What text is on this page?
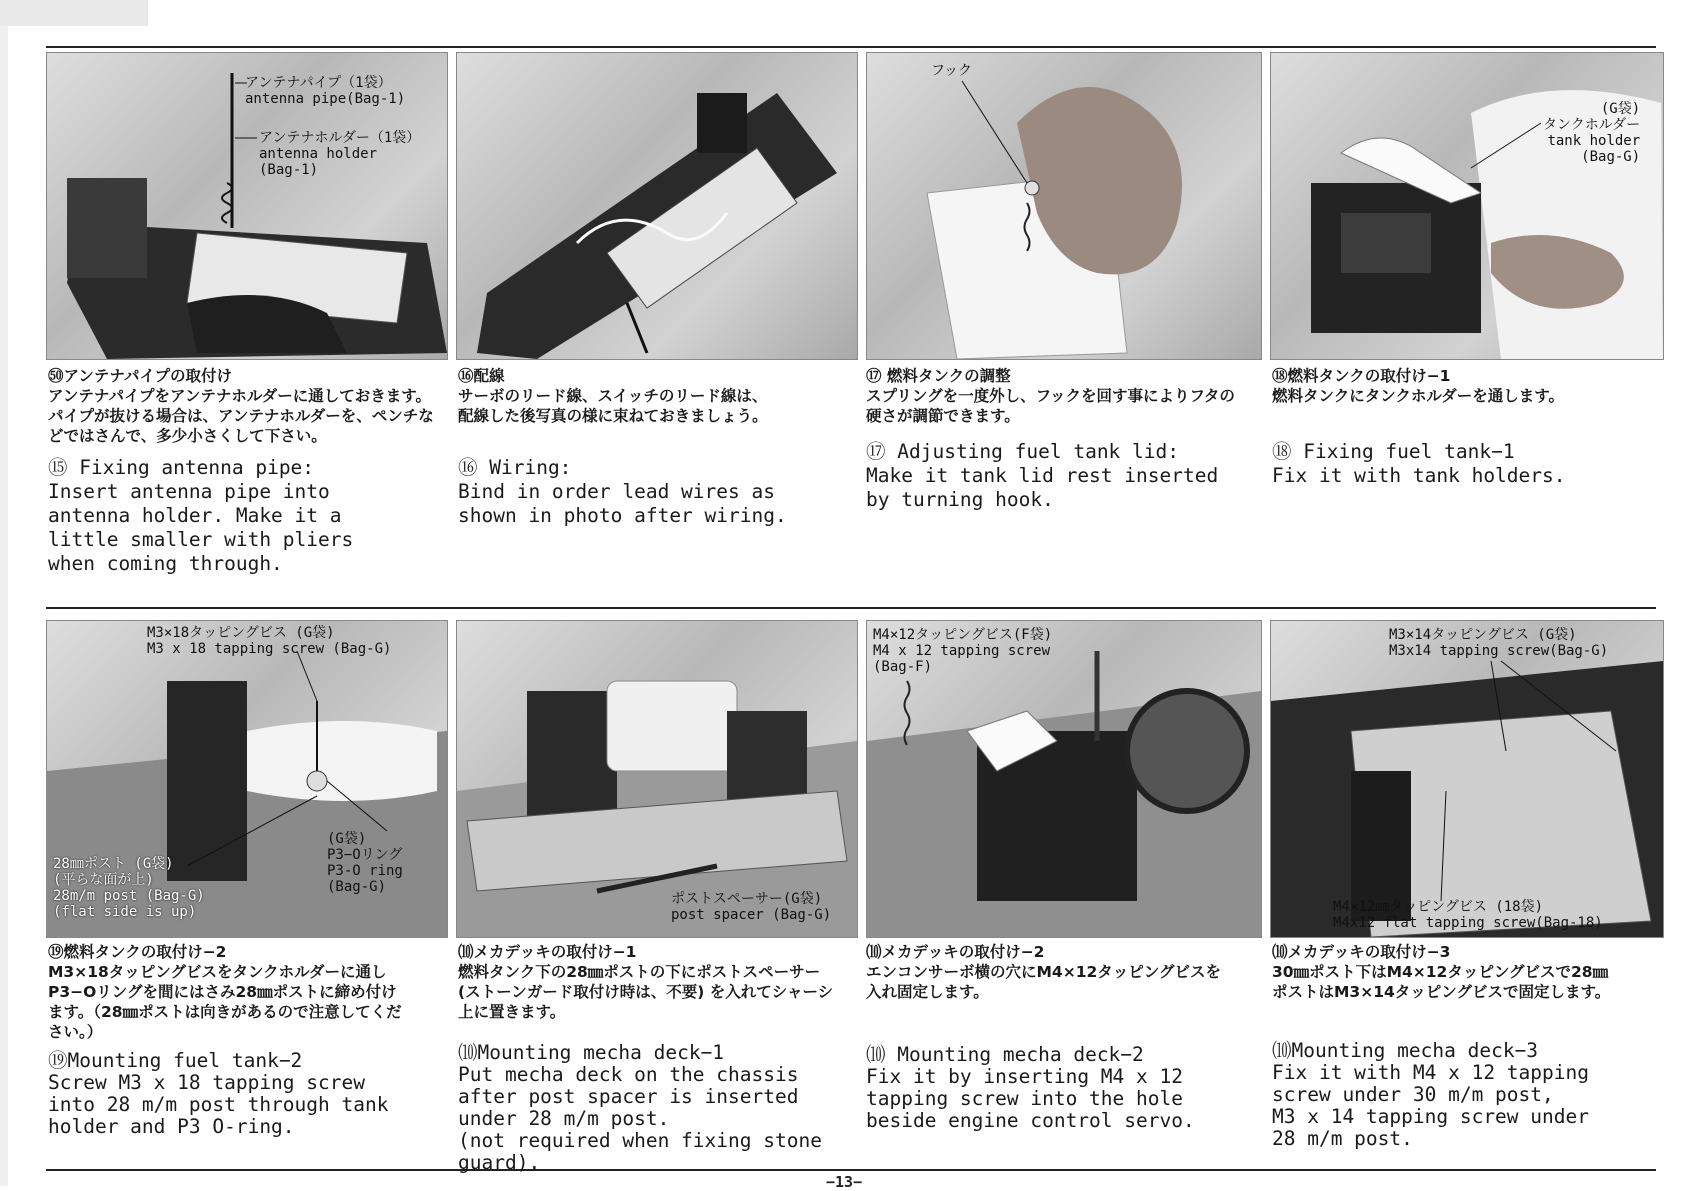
アンテナパイプ（1袋）
antenna pipe(Bag-1)
アンテナホルダー（1袋）
antenna holder
(Bag-1)
フック
(G袋)
タンクホルダー
tank holder
(Bag-G)

㊿アンテナパイプの取付け
アンテナパイプをアンテナホルダーに通しておきます。
パイプが抜ける場合は、アンテナホルダーを、ペンチな
どではさんで、多少小さくして下さい。

⑮ Fixing antenna pipe:
Insert antenna pipe into
antenna holder. Make it a
little smaller with pliers
when coming through.

⑯配線
サーボのリード線、スイッチのリード線は、
配線した後写真の様に束ねておきましょう。

⑯ Wiring:
Bind in order lead wires as
shown in photo after wiring.

⑰ 燃料タンクの調整
スプリングを一度外し、フックを回す事によりフタの
硬さが調節できます。

⑰ Adjusting fuel tank lid:
Make it tank lid rest inserted
by turning hook.

⑱燃料タンクの取付け−1
燃料タンクにタンクホルダーを通します。

⑱ Fixing fuel tank−1
Fix it with tank holders.

M3×18タッピングビス (G袋)
M3 x 18 tapping screw (Bag-G)
(G袋)
P3−Oリング
P3-O ring
(Bag-G)
28㎜ポスト (G袋)
(平らな面が上)
28m/m post (Bag-G)
(flat side is up)
ポストスペーサー(G袋)
post spacer (Bag-G)
M4×12タッピングビス(F袋)
M4 x 12 tapping screw
(Bag-F)
M3×14タッピングビス (G袋)
M3x14 tapping screw(Bag-G)
M4×12㎜タッピングビス (18袋)
M4x12 flat tapping screw(Bag-18)

⑲燃料タンクの取付け−2
M3×18タッピングビスをタンクホルダーに通し
P3−Oリングを間にはさみ28㎜ポストに締め付け
ます。（28㎜ポストは向きがあるので注意してくだ
さい。）

⑲Mounting fuel tank−2
Screw M3 x 18 tapping screw
into 28 m/m post through tank
holder and P3 O-ring.

⑽メカデッキの取付け−1
燃料タンク下の28㎜ポストの下にポストスペーサー
(ストーンガード取付け時は、不要) を入れてシャーシ
上に置きます。

⑽Mounting mecha deck−1
Put mecha deck on the chassis
after post spacer is inserted
under 28 m/m post.
(not required when fixing stone
guard).

⑽メカデッキの取付け−2
エンコンサーボ横の穴にM4×12タッピングビスを
入れ固定します。

⑽ Mounting mecha deck−2
Fix it by inserting M4 x 12
tapping screw into the hole
beside engine control servo.

⑽メカデッキの取付け−3
30㎜ポスト下はM4×12タッピングビスで28㎜
ポストはM3×14タッピングビスで固定します。

⑽Mounting mecha deck−3
Fix it with M4 x 12 tapping
screw under 30 m/m post,
M3 x 14 tapping screw under
28 m/m post.

−13−
